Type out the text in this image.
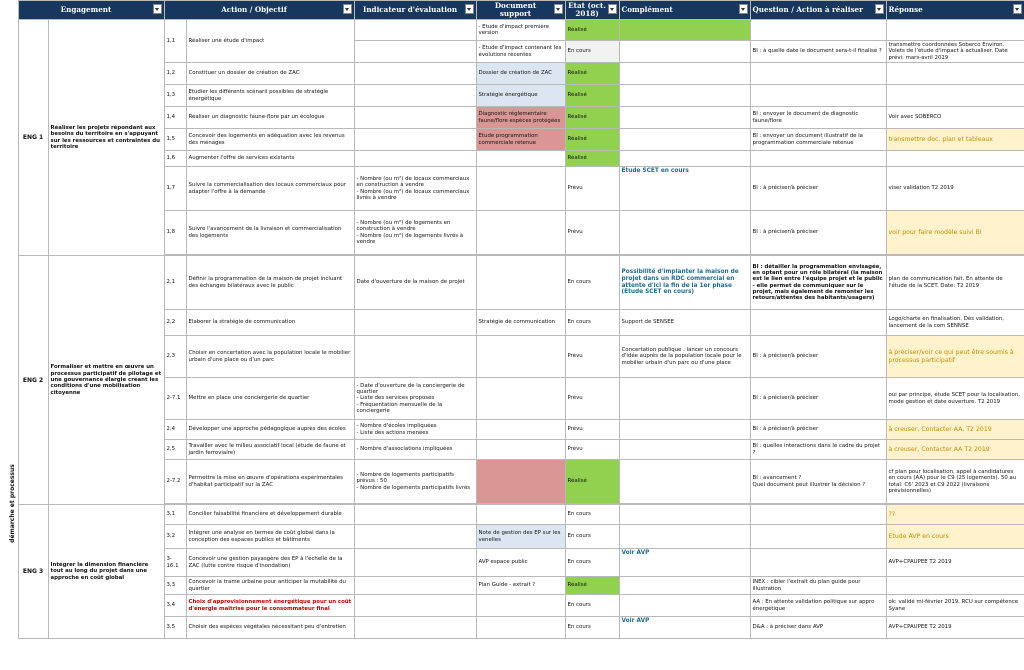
démarche et processus
	Engagement		Action / Objectif		Indicateur d'évaluation	Document support	Etat (oct. 2018)	Complément	Question / Action à réaliser	Réponse

	ENG 1	Réaliser les projets répondant aux besoins du territoire en s'appuyant sur les ressources et contraintes du territoire	1,1	Réaliser une étude d'impact		- Etude d'impact première version	Réalisé			
						- Etude d'impact contenant les évolutions récentes	En cours		BI : à quelle date le document sera-t-il finalisé ?	transmettre coordonnées Soberco Environ. Volets de l'étude d'impact à actualiser. Date prévi: mars-avril 2019
			1,2	Constituer un dossier de création de ZAC		Dossier de création de ZAC	Réalisé			
			1,3	Etudier les différents scénarii possibles de stratégie énergétique		Stratégie énergétique	Réalisé			
			1,4	Réaliser un diagnostic faune-flore par un écologue		Diagnostic réglementaire faune/flore espèces protégées	Réalisé		BI : envoyer le document de diagnostic faune/flore	Voir avec SOBERCO
			1,5	Concevoir des logements en adéquation avec les revenus des ménages		Etude programmation commerciale retenue	Réalisé		BI : envoyer un document illustratif de la programmation commerciale retenue	transmettre doc. plan et tableaux
			1,6	Augmenter l'offre de services existants			Réalisé			
			1,7	Suivre la commercialisation des locaux commerciaux pour adapter l'offre à la demande	- Nombre (ou m²) de locaux commerciaux en construction à vendre
- Nombre (ou m²) de locaux commerciaux livrés à vendre		Prévu	Etude SCET en cours	BI : à préciser/à préciser	viser validation T2 2019
			1,8	Suivre l'avancement de la livraison et commercialisation des logements	- Nombre (ou m²) de logements en construction à vendre
- Nombre (ou m²) de logements livrés à vendre		Prévu		BI : à préciser/à préciser	voir pour faire modèle suivi BI

	ENG 2	Formaliser et mettre en œuvre un processus participatif de pilotage et une gouvernance élargie créant les conditions d'une mobilisation citoyenne	2,1	Définir la programmation de la maison de projet incluant des échanges bilatéraux avec le public	Date d'ouverture de la maison de projet		En cours	Possibilité d'implanter la maison de projet dans un RDC commercial en attente d'ici la fin de la 1er phase (Etude SCET en cours)	BI : détailler la programmation envisagée, en optant pour un rôle bilatéral (la maison est le lien entre l'équipe projet et le public - elle permet de communiquer sur le projet, mais également de remonter les retours/attentes des habitants/usagers)	plan de communication fait. En attente de l'étude de la SCET. Date: T2 2019
			2,2	Elaborer la stratégie de communication		Stratégie de communication	En cours	Support de SENSEE		Logo/charte en finalisation. Dès validation, lancement de la com SENNSE
			2,3	Choisir en concertation avec la population locale le mobilier urbain d'une place ou d'un parc			Prévu	Concertation publique : lancer un concours d'idée auprès de la population locale pour le mobilier urbain d'un parc ou d'une place	BI : à préciser/à préciser	à préciser/voir ce qui peut être soumis à processus participatif
			2-7.1	Mettre en place une conciergerie de quartier	- Date d'ouverture de la conciergerie de quartier
- Liste des services proposés
- Fréquentation mensuelle de la conciergerie		Prévu		BI : à préciser/à préciser	oui par principe, étude SCET pour la localisation, mode gestion et date ouverture. T2 2019
			2,4	Développer une approche pédagogique auprès des écoles	- Nombre d'écoles impliquées
- Liste des actions menées		Prévu		BI : à préciser/à préciser	à creuser, Contacter AA, T2 2019
			2,5	Travailler avec le milieu associatif local (étude de faune et jardin ferroviaire)	- Nombre d'associations impliquées		Prévu		BI : quelles interactions dans le cadre du projet ?	à creuser, Contacter AA T2 2019
			2-7.2	Permettre la mise en œuvre d'opérations expérimentales d'habitat participatif sur la ZAC	- Nombre de logements participatifs prévus : 50
- Nombre de logements participatifs livrés		Réalisé		BI : avancement ?
Quel document peut illustrer la décision ?	cf plan pour localisation. appel à candidatures en cours (AA) pour le C9 (25 logements). 50 au total: C6' 2023 et C9 2022 (livraisons prévisionnelles)

	ENG 3	Intégrer la dimension financière tout au long du projet dans une approche en coût global	3,1	Concilier faisabilité financière et développement durable			En cours			??
			3,2	Intégrer une analyse en termes de coût global dans la conception des espaces publics et bâtiments		Note de gestion des EP sur les venelles	En cours			Etude AVP en cours
			3-16.1	Concevoir une gestion payasgère des EP à l'échelle de la ZAC (lutte contre risque d'inondation)		AVP espace public	En cours	Voir AVP		AVP+CPAUPEE T2 2019
			3,3	Concevoir la trame urbaine pour anticiper la mutabilité du quartier		Plan Guide - extrait ?	Réalisé		INEX : cibler l'extrait du plan guide pour illustration	
			3,4	Choix d'approvisionnement énergétique pour un coût d'énergie maîtrisé pour le consommateur final			En cours		AA : En attente validation politique sur appro énergétique	ok: validé mi-février 2019. RCU sur compétence Syane
			3,5	Choisir des espèces végétales nécessitant peu d'entretien			En cours	Voir AVP	D&A : à préciser dans AVP	AVP+CPAUPEE T2 2019
